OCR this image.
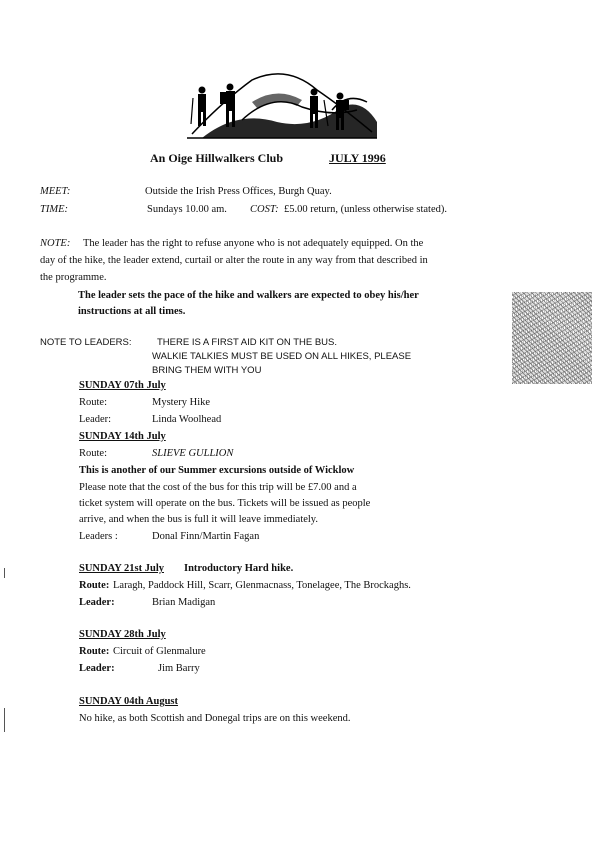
An Oige Hillwalkers Club	JULY 1996
MEET:	Outside the Irish Press Offices, Burgh Quay.
TIME:	Sundays 10.00 am. COST: £5.00 return, (unless otherwise stated).
NOTE: The leader has the right to refuse anyone who is not adequately equipped. On the
day of the hike, the leader extend, curtail or alter the route in any way from that described in
the programme.
The leader sets the pace of the hike and walkers are expected to obey his/her
instructions at all times.
NOTE TO LEADERS:	THERE IS A FIRST AID KIT ON THE BUS.
WALKIE TALKIES MUST BE USED ON ALL HIKES, PLEASE
BRING THEM WITH YOU
SUNDAY 07th July
Route:	Mystery Hike
Leader:	Linda Woolhead
SUNDAY 14th July
Route:	SLIEVE GULLION
This is another of our Summer excursions outside of Wicklow
Please note that the cost of the bus for this trip will be £7.00 and a
ticket system will operate on the bus. Tickets will be issued as people
arrive, and when the bus is full it will leave immediately.
Leaders :	Donal Finn/Martin Fagan
SUNDAY 21st July Introductory Hard hike.
Route: Laragh, Paddock Hill, Scarr, Glenmacnass, Tonelagee, The Brockaghs.
Leader:	Brian Madigan
SUNDAY 28th July
Route: Circuit of Glenmalure
Leader:	Jim Barry
SUNDAY 04th August
No hike, as both Scottish and Donegal trips are on this weekend.
